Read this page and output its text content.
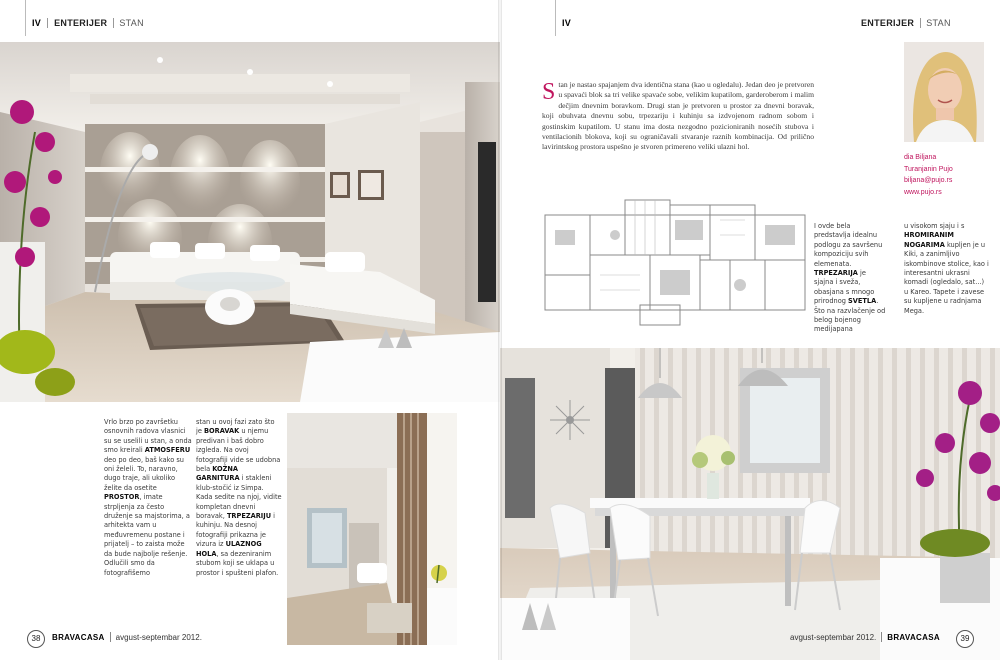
IV ENTERIJER STAN
Vrlo brzo po završetku osnovnih radova vlasnici su se uselili u stan, a onda smo kreirali ATMOSFERU deo po deo, baš kako su oni želeli. To, naravno, dugo traje, ali ukoliko želite da osetite PROSTOR, imate strpljenja za često druženje sa majstorima, a arhitekta vam u međuvremenu postane i prijatelj – to zaista može da bude najbolje rešenje. Odlučili smo da fotografišemo
stan u ovoj fazi zato što je BORAVAK u njemu predivan i baš dobro izgleda. Na ovoj fotografiji vide se udobna bela KOŽNA GARNITURA i stakleni klub-stočić iz Simpa. Kada sedite na njoj, vidite kompletan dnevni boravak, TRPEZARIJU i kuhinju. Na desnoj fotografiji prikazna je vizura iz ULAZNOG HOLA, sa dezeniranim stubom koji se uklapa u prostor i spušteni plafon.
38	BRAVACASA avgust-septembar 2012.
IV	ENTERIJER STAN
Stan je nastao spajanjem dva identična stana (kao u ogledalu). Jedan deo je pretvoren u spavaći blok sa tri velike spavaće sobe, velikim kupatilom, garderoberom i malim dečjim dnevnim boravkom. Drugi stan je pretvoren u prostor za dnevni boravak, koji obuhvata dnevnu sobu, trpezariju i kuhinju sa izdvojenom radnom sobom i gostinskim kupatilom. U stanu ima dosta nezgodno pozicioniranih nosećih stubova i ventilacionih blokova, koji su ograničavali stvaranje raznih kombinacija. Od prilično lavirintskog prostora uspešno je stvoren primereno veliki ulazni hol.
dia Biljana
Turanjanin Pujo
biljana@pujo.rs
www.pujo.rs
I ovde bela predstavlja idealnu podlogu za savršenu kompoziciju svih elemenata. TRPEZARIJA je sjajna i sveža, obasjana s mnogo prirodnog SVETLA. Što na razvlačenje od belog bojenog medijapana
u visokom sjaju i s HROMIRANIM NOGARIMA kupljen je u Kiki, a zanimljivo iskombinove stolice, kao i interesantni ukrasni komadi (ogledalo, sat...) u Kareo. Tapete i zavese su kupljene u radnjama Mega.
avgust-septembar 2012. BRAVACASA	39
